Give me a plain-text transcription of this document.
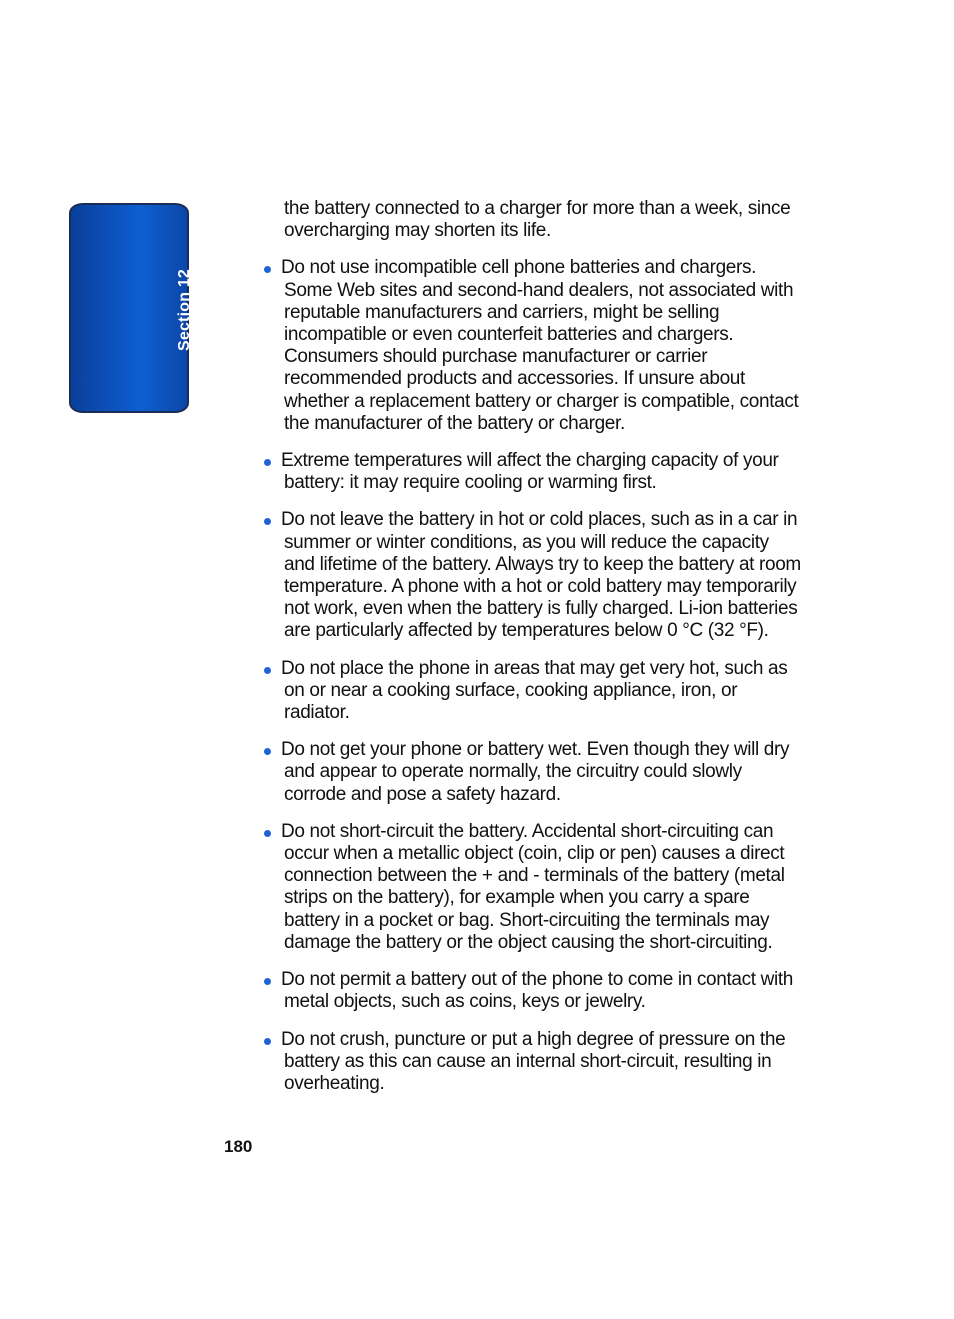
Section 12

the battery connected to a charger for more than a week, since overcharging may shorten its life.

Do not use incompatible cell phone batteries and chargers. Some Web sites and second-hand dealers, not associated with reputable manufacturers and carriers, might be selling incompatible or even counterfeit batteries and chargers. Consumers should purchase manufacturer or carrier recommended products and accessories. If unsure about whether a replacement battery or charger is compatible, contact the manufacturer of the battery or charger.
Extreme temperatures will affect the charging capacity of your battery: it may require cooling or warming first.
Do not leave the battery in hot or cold places, such as in a car in summer or winter conditions, as you will reduce the capacity and lifetime of the battery. Always try to keep the battery at room temperature. A phone with a hot or cold battery may temporarily not work, even when the battery is fully charged. Li-ion batteries are particularly affected by temperatures below 0 °C (32 °F).
Do not place the phone in areas that may get very hot, such as on or near a cooking surface, cooking appliance, iron, or radiator.
Do not get your phone or battery wet. Even though they will dry and appear to operate normally, the circuitry could slowly corrode and pose a safety hazard.
Do not short-circuit the battery. Accidental short-circuiting can occur when a metallic object (coin, clip or pen) causes a direct connection between the + and - terminals of the battery (metal strips on the battery), for example when you carry a spare battery in a pocket or bag. Short-circuiting the terminals may damage the battery or the object causing the short-circuiting.
Do not permit a battery out of the phone to come in contact with metal objects, such as coins, keys or jewelry.
Do not crush, puncture or put a high degree of pressure on the battery as this can cause an internal short-circuit, resulting in overheating.
180
